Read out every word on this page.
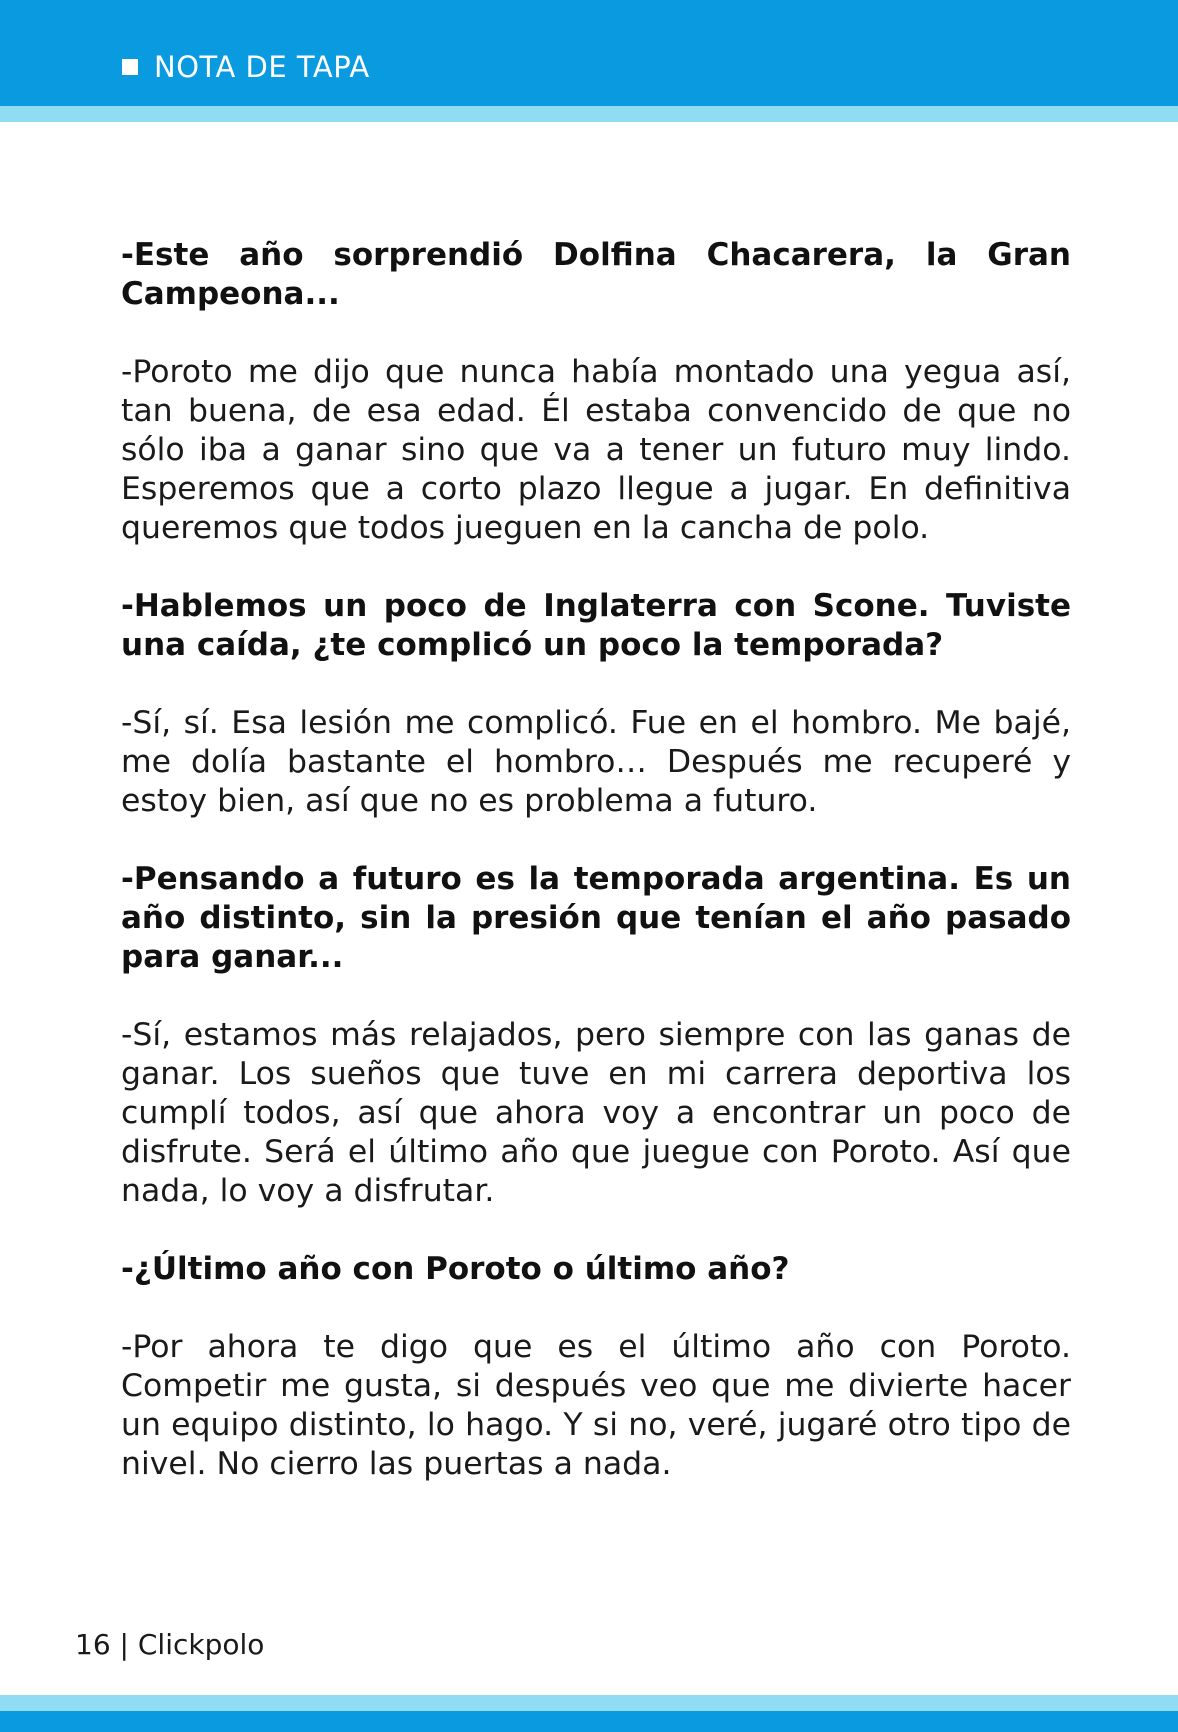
NOTA DE TAPA

-Este año sorprendió Dolfina Chacarera, la Gran Campeona...

-Poroto me dijo que nunca había montado una yegua así, tan buena, de esa edad. Él estaba convencido de que no sólo iba a ganar sino que va a tener un futuro muy lindo. Esperemos que a corto plazo llegue a jugar. En definitiva queremos que todos jueguen en la cancha de polo.

-Hablemos un poco de Inglaterra con Scone. Tuviste una caída, ¿te complicó un poco la temporada?

-Sí, sí. Esa lesión me complicó. Fue en el hombro. Me bajé, me dolía bastante el hombro… Después me recuperé y estoy bien, así que no es problema a futuro.

-Pensando a futuro es la temporada argentina. Es un año distinto, sin la presión que tenían el año pasado para ganar...

-Sí, estamos más relajados, pero siempre con las ganas de ganar. Los sueños que tuve en mi carrera deportiva los cumplí todos, así que ahora voy a encontrar un poco de disfrute. Será el último año que juegue con Poroto. Así que nada, lo voy a disfrutar.

-¿Último año con Poroto o último año?

-Por ahora te digo que es el último año con Poroto. Competir me gusta, si después veo que me divierte hacer un equipo distinto, lo hago. Y si no, veré, jugaré otro tipo de nivel. No cierro las puertas a nada.

16 | Clickpolo
